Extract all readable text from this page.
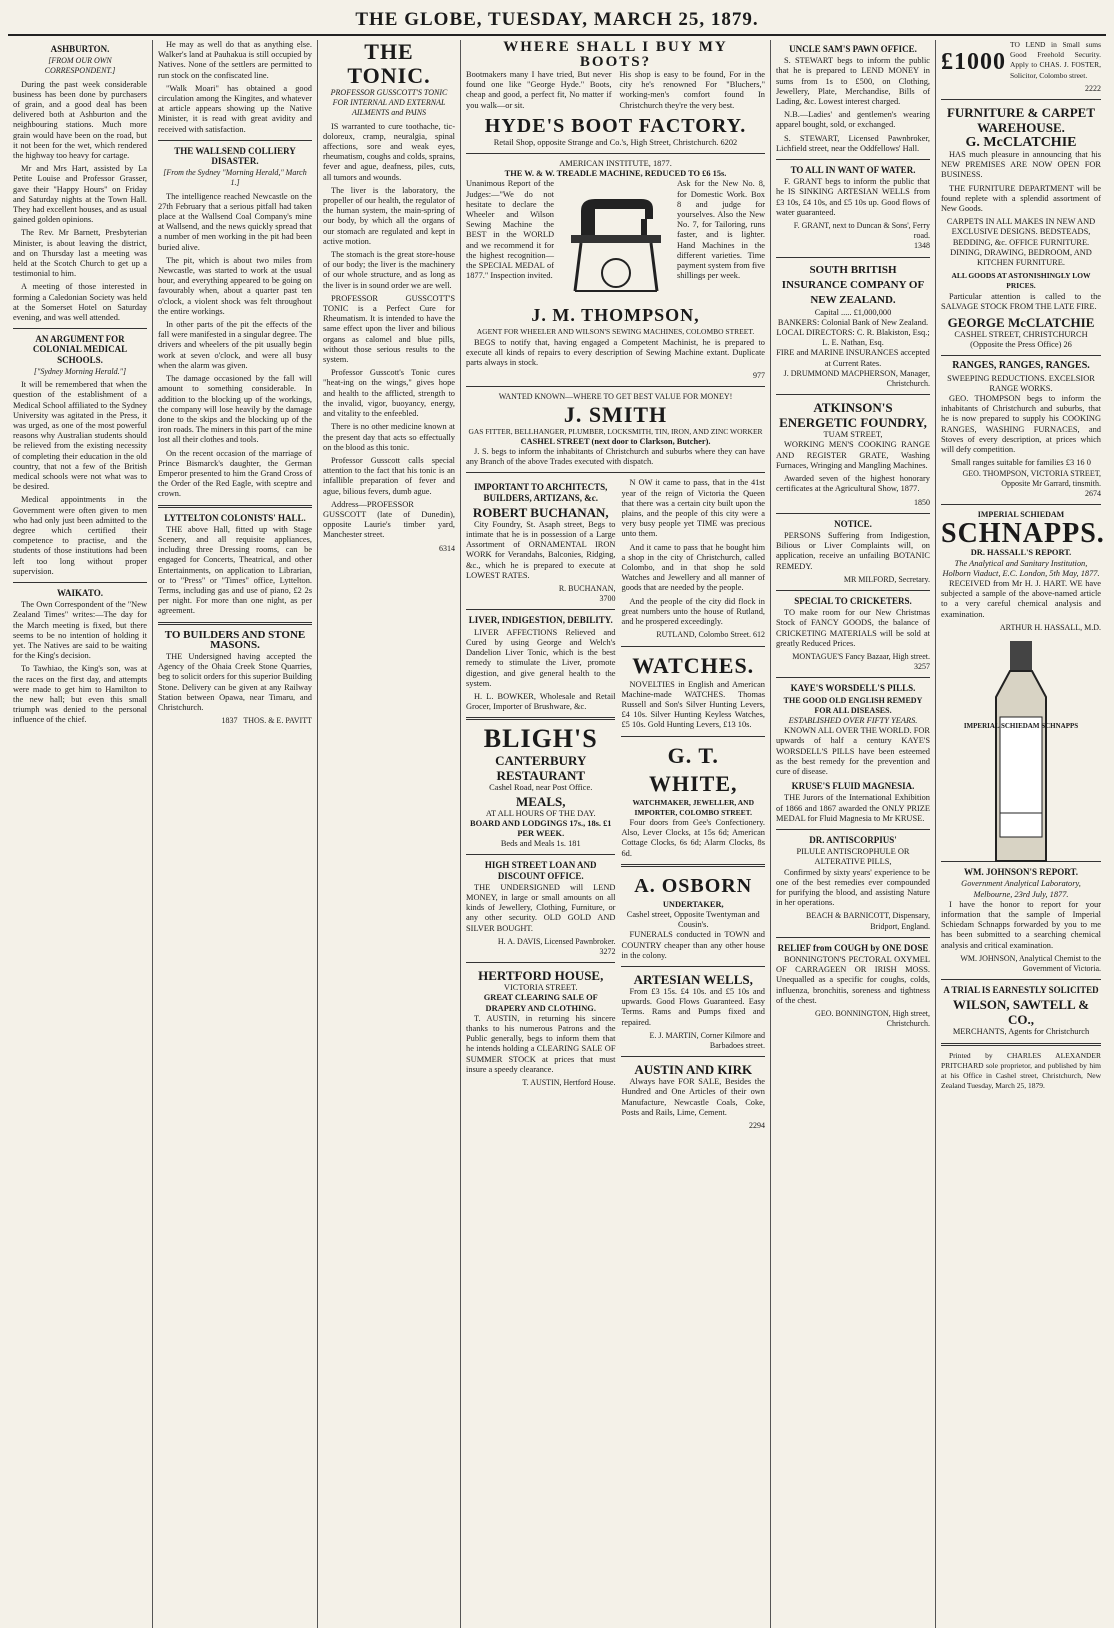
THE GLOBE, TUESDAY, MARCH 25, 1879.
ASHBURTON.
[FROM OUR OWN CORRESPONDENT.]

During the past week considerable business has been done by purchasers of grain, and a good deal has been delivered both at Ashburton and the neighbouring stations. Much more grain would have been on the road, but it not been for the wet, which rendered the highway too heavy for cartage.

Mr and Mrs Hart, assisted by La Petite Louise and Professor Grasser, gave their "Happy Hours" on Friday and Saturday nights at the Town Hall. They had excellent houses, and as usual gained golden opinions.

The Rev. Mr Barnett, Presbyterian Minister, is about leaving the district, and on Thursday last a meeting was held at the Scotch Church to get up a testimonial to him.

A meeting of those interested in forming a Caledonian Society was held at the Somerset Hotel on Saturday evening, and was well attended.

AN ARGUMENT FOR COLONIAL MEDICAL SCHOOLS.
["Sydney Morning Herald."]

It will be remembered that when the question of the establishment of a Medical School affiliated to the Sydney University was agitated in the Press, it was urged, as one of the most powerful reasons why Australian students should be relieved from the existing necessity of completing their education in the old country, that not a few of the British medical schools were not what was to be desired.

Medical appointments in the Government were often given to men who had only just been admitted to the degree which certified their competence to practise, and the students of those institutions had been left too long without proper supervision.

WAIKATO.

The Own Correspondent of the "New Zealand Times" writes:—The day for the March meeting is fixed, but there seems to be no intention of holding it yet. The Natives are said to be waiting for the King's decision.

To Tawhiao, the King's son, was at the races on the first day, and attempts were made to get him to Hamilton to the new hall; but even this small triumph was denied to the personal influence of the chief.

He may as well do that as anything else. Walker's land at Pauhakua is still occupied by Natives. None of the settlers are permitted to run stock on the confiscated line.

"Walk Moari" has obtained a good circulation among the Kingites, and whatever at article appears showing up the Native Minister, it is read with great avidity and received with satisfaction.

THE WALLSEND COLLIERY DISASTER.
[From the Sydney "Morning Herald," March 1.]

The intelligence reached Newcastle on the 27th February that a serious pitfall had taken place at the Wallsend Coal Company's mine at Wallsend, and the news quickly spread that a number of men working in the pit had been buried alive.

The pit, which is about two miles from Newcastle, was started to work at the usual hour, and everything appeared to be going on favourably when, about a quarter past ten o'clock, a violent shock was felt throughout the entire workings.

In other parts of the pit the effects of the fall were manifested in a singular degree. The drivers and wheelers of the pit usually begin work at seven o'clock, and were all busy when the alarm was given.

The damage occasioned by the fall will amount to something considerable. In addition to the blocking up of the workings, the company will lose heavily by the damage done to the skips and the blocking up of the iron roads. The miners in this part of the mine lost all their clothes and tools.

On the recent occasion of the marriage of Prince Bismarck's daughter, the German Emperor presented to him the Grand Cross of the Order of the Red Eagle, with sceptre and crown.

LYTTELTON COLONISTS' HALL.

THE above Hall, fitted up with Stage Scenery, and all requisite appliances, including three Dressing rooms, can be engaged for Concerts, Theatrical, and other Entertainments, on application to Librarian, or to "Press" or "Times" office, Lyttelton. Terms, including gas and use of piano, £2 2s per night. For more than one night, as per agreement.

TO BUILDERS AND STONE MASONS.

THE Undersigned having accepted the Agency of the Ohaia Creek Stone Quarries, beg to solicit orders for this superior Building Stone. Delivery can be given at any Railway Station between Opawa, near Timaru, and Christchurch.

1837 THOS. & E. PAVITT
THE TONIC.
PROFESSOR GUSSCOTT'S TONIC FOR INTERNAL AND EXTERNAL AILMENTS and PAINS

IS warranted to cure toothache, tic-doloreux, cramp, neuralgia, spinal affections, sore and weak eyes, rheumatism, coughs and colds, sprains, fever and ague, deafness, piles, cuts, all tumors and wounds.

The liver is the laboratory, the propeller of our health, the regulator of the human system, the main-spring of our body, by which all the organs of our stomach are regulated and kept in active motion.

The stomach is the great store-house of our body; the liver is the machinery of our whole structure, and as long as the liver is in sound order we are well.

PROFESSOR GUSSCOTT'S TONIC is a Perfect Cure for Rheumatism. It is intended to have the same effect upon the liver and bilious organs as calomel and blue pills, without those serious results to the system.

Professor Gusscott's Tonic cures "heat-ing on the wings," gives hope and health to the afflicted, strength to the invalid, vigor, buoyancy, energy, and vitality to the enfeebled.

There is no other medicine known at the present day that acts so effectually on the blood as this tonic.

Professor Gusscott calls special attention to the fact that his tonic is an infallible preparation of fever and ague, bilious fevers, dumb ague.

Address—PROFESSOR GUSSCOTT (late of Dunedin), opposite Laurie's timber yard, Manchester street.

6314
WHERE SHALL I BUY MY BOOTS?

Bootmakers many I have tried, But never found one like "George Hyde." Boots, cheap and good, a perfect fit, No matter if you walk—or sit.

His shop is easy to be found, For in the city he's renowned For "Bluchers," working-men's comfort found In Christchurch they're the very best.

HYDE'S BOOT FACTORY.
Retail Shop, opposite Strange and Co.'s, High Street, Christchurch. 6202
AMERICAN INSTITUTE, 1877.
THE W. & W. TREADLE MACHINE, REDUCED TO £6 15s.

Unanimous Report of the Judges:—"We do not hesitate to declare the Wheeler and Wilson Sewing Machine the BEST in the WORLD and we recommend it for the highest recognition—the SPECIAL MEDAL of 1877." Inspection invited.

Ask for the New No. 8, for Domestic Work. Box 8 and judge for yourselves. Also the New No. 7, for Tailoring, runs faster, and is lighter. Hand Machines in the different varieties. Time payment system from five shillings per week.

J. M. THOMPSON,
AGENT FOR WHEELER AND WILSON'S SEWING MACHINES, COLOMBO STREET.

BEGS to notify that, having engaged a Competent Machinist, he is prepared to execute all kinds of repairs to every description of Sewing Machine extant. Duplicate parts always in stock.

977
WANTED KNOWN—WHERE TO GET BEST VALUE FOR MONEY!
J. SMITH
GAS FITTER, BELLHANGER, PLUMBER, LOCKSMITH, TIN, IRON, AND ZINC WORKER
CASHEL STREET (next door to Clarkson, Butcher).

J. S. begs to inform the inhabitants of Christchurch and suburbs where they can have any Branch of the above Trades executed with dispatch.

IMPORTANT TO ARCHITECTS, BUILDERS, ARTIZANS, &c.
ROBERT BUCHANAN,

City Foundry, St. Asaph street, Begs to intimate that he is in possession of a Large Assortment of ORNAMENTAL IRON WORK for Verandahs, Balconies, Ridging, &c., which he is prepared to execute at LOWEST RATES.

R. BUCHANAN,
3700
LIVER, INDIGESTION, DEBILITY.

LIVER AFFECTIONS Relieved and Cured by using George and Welch's Dandelion Liver Tonic, which is the best remedy to stimulate the Liver, promote digestion, and give general health to the system.

H. L. BOWKER, Wholesale and Retail Grocer, Importer of Brushware, &c.

BLIGH'S
CANTERBURY RESTAURANT
Cashel Road, near Post Office.
MEALS,
AT ALL HOURS OF THE DAY.
BOARD AND LODGINGS 17s., 18s. £1 PER WEEK.
Beds and Meals 1s. 181
HIGH STREET LOAN AND DISCOUNT OFFICE.

THE UNDERSIGNED will LEND MONEY, in large or small amounts on all kinds of Jewellery, Clothing, Furniture, or any other security. OLD GOLD AND SILVER BOUGHT.

H. A. DAVIS, Licensed Pawnbroker.
3272
HERTFORD HOUSE,
VICTORIA STREET.
GREAT CLEARING SALE OF DRAPERY AND CLOTHING.

T. AUSTIN, in returning his sincere thanks to his numerous Patrons and the Public generally, begs to inform them that he intends holding a CLEARING SALE OF SUMMER STOCK at prices that must insure a speedy clearance.

T. AUSTIN, Hertford House.

N OW it came to pass, that in the 41st year of the reign of Victoria the Queen that there was a certain city built upon the plains, and the people of this city were a very busy people yet TIME was precious unto them.

And it came to pass that he bought him a shop in the city of Christchurch, called Colombo, and in that shop he sold Watches and Jewellery and all manner of goods that are needed by the people.

And the people of the city did flock in great numbers unto the house of Rutland, and he prospered exceedingly.

RUTLAND, Colombo Street. 612
WATCHES.

NOVELTIES in English and American Machine-made WATCHES. Thomas Russell and Son's Silver Hunting Levers, £4 10s. Silver Hunting Keyless Watches, £5 10s. Gold Hunting Levers, £13 10s.

G. T. WHITE,
WATCHMAKER, JEWELLER, AND IMPORTER, COLOMBO STREET.

Four doors from Gee's Confectionery. Also, Lever Clocks, at 15s 6d; American Cottage Clocks, 6s 6d; Alarm Clocks, 8s 6d.

A. OSBORN
UNDERTAKER,
Cashel street, Opposite Twentyman and Cousin's.

FUNERALS conducted in TOWN and COUNTRY cheaper than any other house in the colony.

ARTESIAN WELLS,

From £3 15s. £4 10s. and £5 10s and upwards. Good Flows Guaranteed. Easy Terms. Rams and Pumps fixed and repaired.

E. J. MARTIN, Corner Kilmore and Barbadoes street.
AUSTIN AND KIRK

Always have FOR SALE, Besides the Hundred and One Articles of their own Manufacture, Newcastle Coals, Coke, Posts and Rails, Lime, Cement.

2294
UNCLE SAM'S PAWN OFFICE.

S. STEWART begs to inform the public that he is prepared to LEND MONEY in sums from 1s to £500, on Clothing, Jewellery, Plate, Merchandise, Bills of Lading, &c. Lowest interest charged.

N.B.—Ladies' and gentlemen's wearing apparel bought, sold, or exchanged.

S. STEWART, Licensed Pawnbroker, Lichfield street, near the Oddfellows' Hall.

TO ALL IN WANT OF WATER.

F. GRANT begs to inform the public that he IS SINKING ARTESIAN WELLS from £3 10s, £4 10s, and £5 10s up. Good flows of water guaranteed.

F. GRANT, next to Duncan & Sons', Ferry road.
1348
SOUTH BRITISH INSURANCE COMPANY OF NEW ZEALAND.
Capital ..... £1,000,000
BANKERS: Colonial Bank of New Zealand.
LOCAL DIRECTORS: C. R. Blakiston, Esq.; L. E. Nathan, Esq.
FIRE and MARINE INSURANCES accepted at Current Rates.
J. DRUMMOND MACPHERSON, Manager, Christchurch.
ATKINSON'S ENERGETIC FOUNDRY,
TUAM STREET,

WORKING MEN'S COOKING RANGE AND REGISTER GRATE, Washing Furnaces, Wringing and Mangling Machines.

Awarded seven of the highest honorary certificates at the Agricultural Show, 1877.

1850
NOTICE.

PERSONS Suffering from Indigestion, Bilious or Liver Complaints will, on application, receive an unfailing BOTANIC REMEDY.

MR MILFORD, Secretary.
SPECIAL TO CRICKETERS.

TO make room for our New Christmas Stock of FANCY GOODS, the balance of CRICKETING MATERIALS will be sold at greatly Reduced Prices.

MONTAGUE'S Fancy Bazaar, High street. 3257
KAYE'S WORSDELL'S PILLS.
THE GOOD OLD ENGLISH REMEDY FOR ALL DISEASES.
ESTABLISHED OVER FIFTY YEARS.

KNOWN ALL OVER THE WORLD. FOR upwards of half a century KAYE'S WORSDELL'S PILLS have been esteemed as the best remedy for the prevention and cure of disease.

KRUSE'S FLUID MAGNESIA.

THE Jurors of the International Exhibition of 1866 and 1867 awarded the ONLY PRIZE MEDAL for Fluid Magnesia to Mr KRUSE.

DR. ANTISCORPIUS'
PILULE ANTISCROPHULE OR ALTERATIVE PILLS,

Confirmed by sixty years' experience to be one of the best remedies ever compounded for purifying the blood, and assisting Nature in her operations.

BEACH & BARNICOTT, Dispensary, Bridport, England.
RELIEF from COUGH by ONE DOSE

BONNINGTON'S PECTORAL OXYMEL OF CARRAGEEN OR IRISH MOSS. Unequalled as a specific for coughs, colds, influenza, bronchitis, soreness and tightness of the chest.

GEO. BONNINGTON, High street, Christchurch.
£1000

TO LEND in Small sums Good Freehold Security. Apply to CHAS. J. FOSTER, Solicitor, Colombo street.

2222
FURNITURE & CARPET WAREHOUSE.
G. McCLATCHIE

HAS much pleasure in announcing that his NEW PREMISES ARE NOW OPEN FOR BUSINESS.

THE FURNITURE DEPARTMENT will be found replete with a splendid assortment of New Goods.

CARPETS IN ALL MAKES IN NEW AND EXCLUSIVE DESIGNS. BEDSTEADS, BEDDING, &c. OFFICE FURNITURE. DINING, DRAWING, BEDROOM, AND KITCHEN FURNITURE.

ALL GOODS AT ASTONISHINGLY LOW PRICES.

Particular attention is called to the SALVAGE STOCK FROM THE LATE FIRE.

GEORGE McCLATCHIE
CASHEL STREET, CHRISTCHURCH (Opposite the Press Office) 26
RANGES, RANGES, RANGES.
SWEEPING REDUCTIONS. EXCELSIOR RANGE WORKS.

GEO. THOMPSON begs to inform the inhabitants of Christchurch and suburbs, that he is now prepared to supply his COOKING RANGES, WASHING FURNACES, and Stoves of every description, at prices which will defy competition.

Small ranges suitable for families £3 16 0
GEO. THOMPSON, VICTORIA STREET, Opposite Mr Garrard, tinsmith.
2674
IMPERIAL SCHIEDAM
SCHNAPPS.
DR. HASSALL'S REPORT.
The Analytical and Sanitary Institution, Holborn Viaduct, E.C. London, 5th May, 1877.

RECEIVED from Mr H. J. HART. WE have subjected a sample of the above-named article to a very careful chemical analysis and examination.

ARTHUR H. HASSALL, M.D.
IMPERIAL SCHIEDAM SCHNAPPS
WM. JOHNSON'S REPORT.
Government Analytical Laboratory, Melbourne, 23rd July, 1877.

I have the honor to report for your information that the sample of Imperial Schiedam Schnapps forwarded by you to me has been submitted to a searching chemical analysis and critical examination.

WM. JOHNSON, Analytical Chemist to the Government of Victoria.
A TRIAL IS EARNESTLY SOLICITED
WILSON, SAWTELL & CO.,
MERCHANTS, Agents for Christchurch

Printed by CHARLES ALEXANDER PRITCHARD sole proprietor, and published by him at his Office in Cashel street, Christchurch, New Zealand Tuesday, March 25, 1879.
